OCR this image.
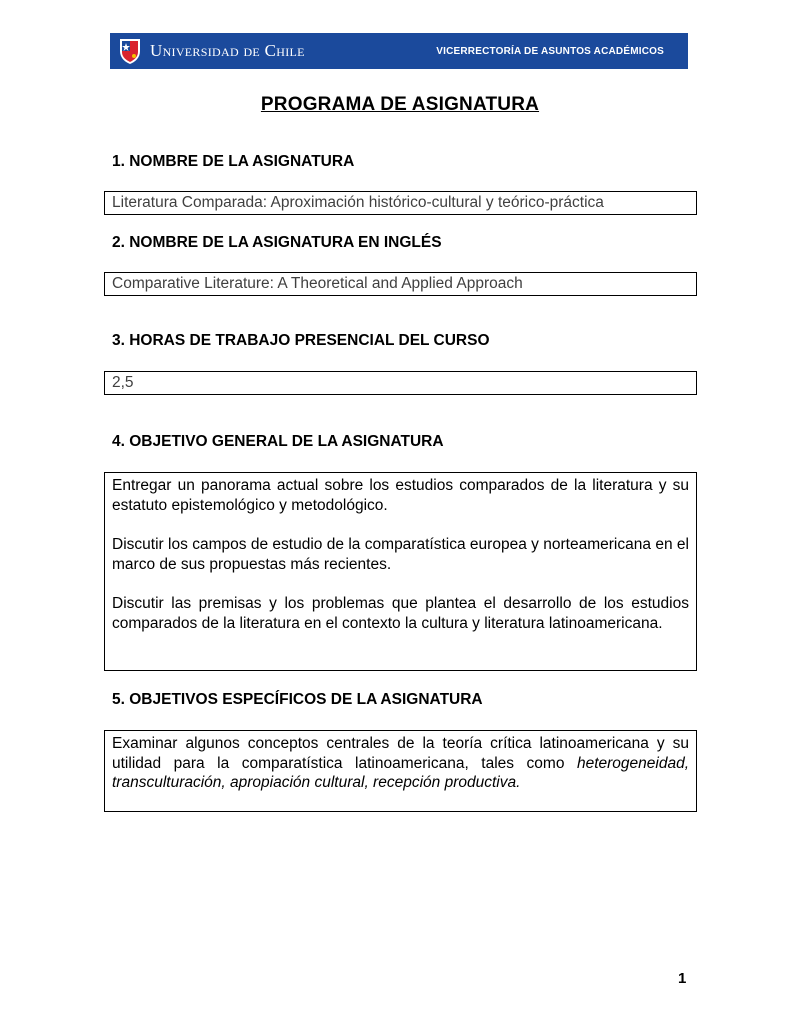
Universidad de Chile	VICERRECTORÍA DE ASUNTOS ACADÉMICOS
PROGRAMA DE ASIGNATURA
1. NOMBRE DE LA ASIGNATURA
Literatura Comparada: Aproximación histórico-cultural y teórico-práctica
2. NOMBRE DE LA ASIGNATURA EN INGLÉS
Comparative Literature: A Theoretical and Applied Approach
3. HORAS DE TRABAJO PRESENCIAL DEL CURSO
2,5
4. OBJETIVO GENERAL DE LA ASIGNATURA

Entregar un panorama actual sobre los estudios comparados de la literatura y su estatuto epistemológico y metodológico.

Discutir los campos de estudio de la comparatística europea y norteamericana en el marco de sus propuestas más recientes.

Discutir las premisas y los problemas que plantea el desarrollo de los estudios comparados de la literatura en el contexto la cultura y literatura latinoamericana.

5. OBJETIVOS ESPECÍFICOS DE LA ASIGNATURA

Examinar algunos conceptos centrales de la teoría crítica latinoamericana y su utilidad para la comparatística latinoamericana, tales como heterogeneidad, transculturación, apropiación cultural, recepción productiva.

1
